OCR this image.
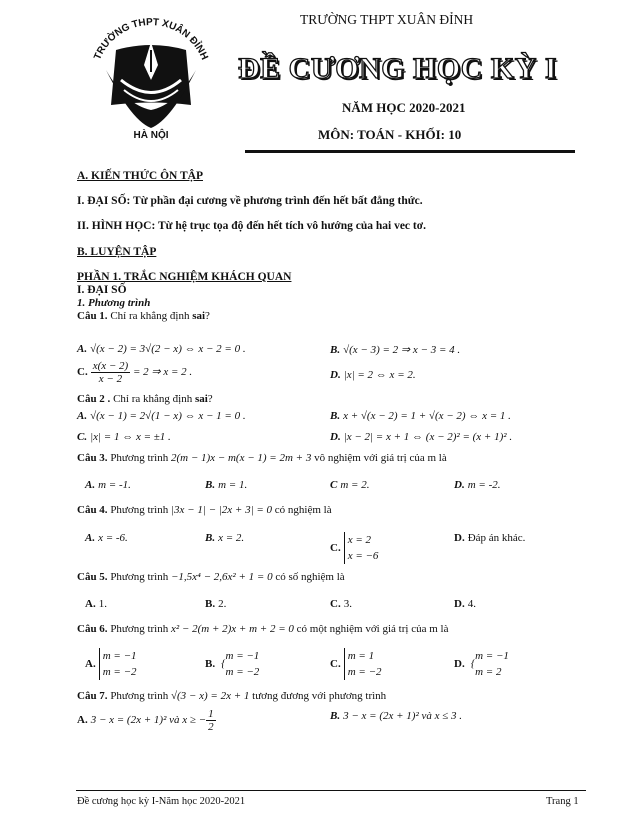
TRƯỜNG THPT XUÂN ĐỈNH
HÀ NỘI
TRƯỜNG THPT XUÂN ĐỈNH
ĐỀ CƯƠNG HỌC KỲ I
NĂM HỌC 2020-2021
MÔN: TOÁN - KHỐI: 10
A. KIẾN THỨC ÔN TẬP
I. ĐẠI SỐ: Từ phần đại cương về phương trình đến hết bất đẳng thức.
II. HÌNH HỌC: Từ hệ trục tọa độ đến hết tích vô hướng của hai vec tơ.
B. LUYỆN TẬP
PHẦN 1. TRẮC NGHIỆM KHÁCH QUAN
I. ĐẠI SỐ
1. Phương trình
Câu 1. Chỉ ra khẳng định sai?
A. √(x − 2) = 3√(2 − x) ⇔ x − 2 = 0 .	B. √(x − 3) = 2 ⇒ x − 3 = 4 .
C. $\frac{x(x - 2)}{x - 2} = 2$ ⇒ x = 2 .	D. |x| = 2 ⇔ x = 2.
Câu 2 . Chỉ ra khẳng định sai?
A. √(x − 1) = 2√(1 − x) ⇔ x − 1 = 0 .	B. x + √(x − 2) = 1 + √(x − 2) ⇔ x = 1 .
C. |x| = 1 ⇔ x = ±1 .	D. |x − 2| = x + 1 ⇔ (x − 2)² = (x + 1)² .
Câu 3. Phương trình 2(m − 1)x − m(x − 1) = 2m + 3 vô nghiệm với giá trị của m là
A. m = -1.	B. m = 1.	C m = 2.	D. m = -2.
Câu 4. Phương trình |3x − 1| − |2x + 3| = 0 có nghiệm là
A. x = -6.	B. x = 2.
C.x = 2
x = −6
D. Đáp án khác.
Câu 5. Phương trình −1,5x⁴ − 2,6x² + 1 = 0 có số nghiệm là
A. 1.	B. 2.	C. 3.	D. 4.
Câu 6. Phương trình x² − 2(m + 2)x + m + 2 = 0 có một nghiệm với giá trị của m là
A.m = −1
m = −2
B. {m = −1
m = −2
C.m = 1
m = −2
D. {m = −1
m = 2
Câu 7. Phương trình √(3 − x) = 2x + 1 tương đương với phương trình
A. 3 − x = (2x + 1)² và x ≥ − $\frac{1}{2}$	B. 3 − x = (2x + 1)² và x ≤ 3 .
Đề cương học kỳ I-Năm học 2020-2021	Trang 1
